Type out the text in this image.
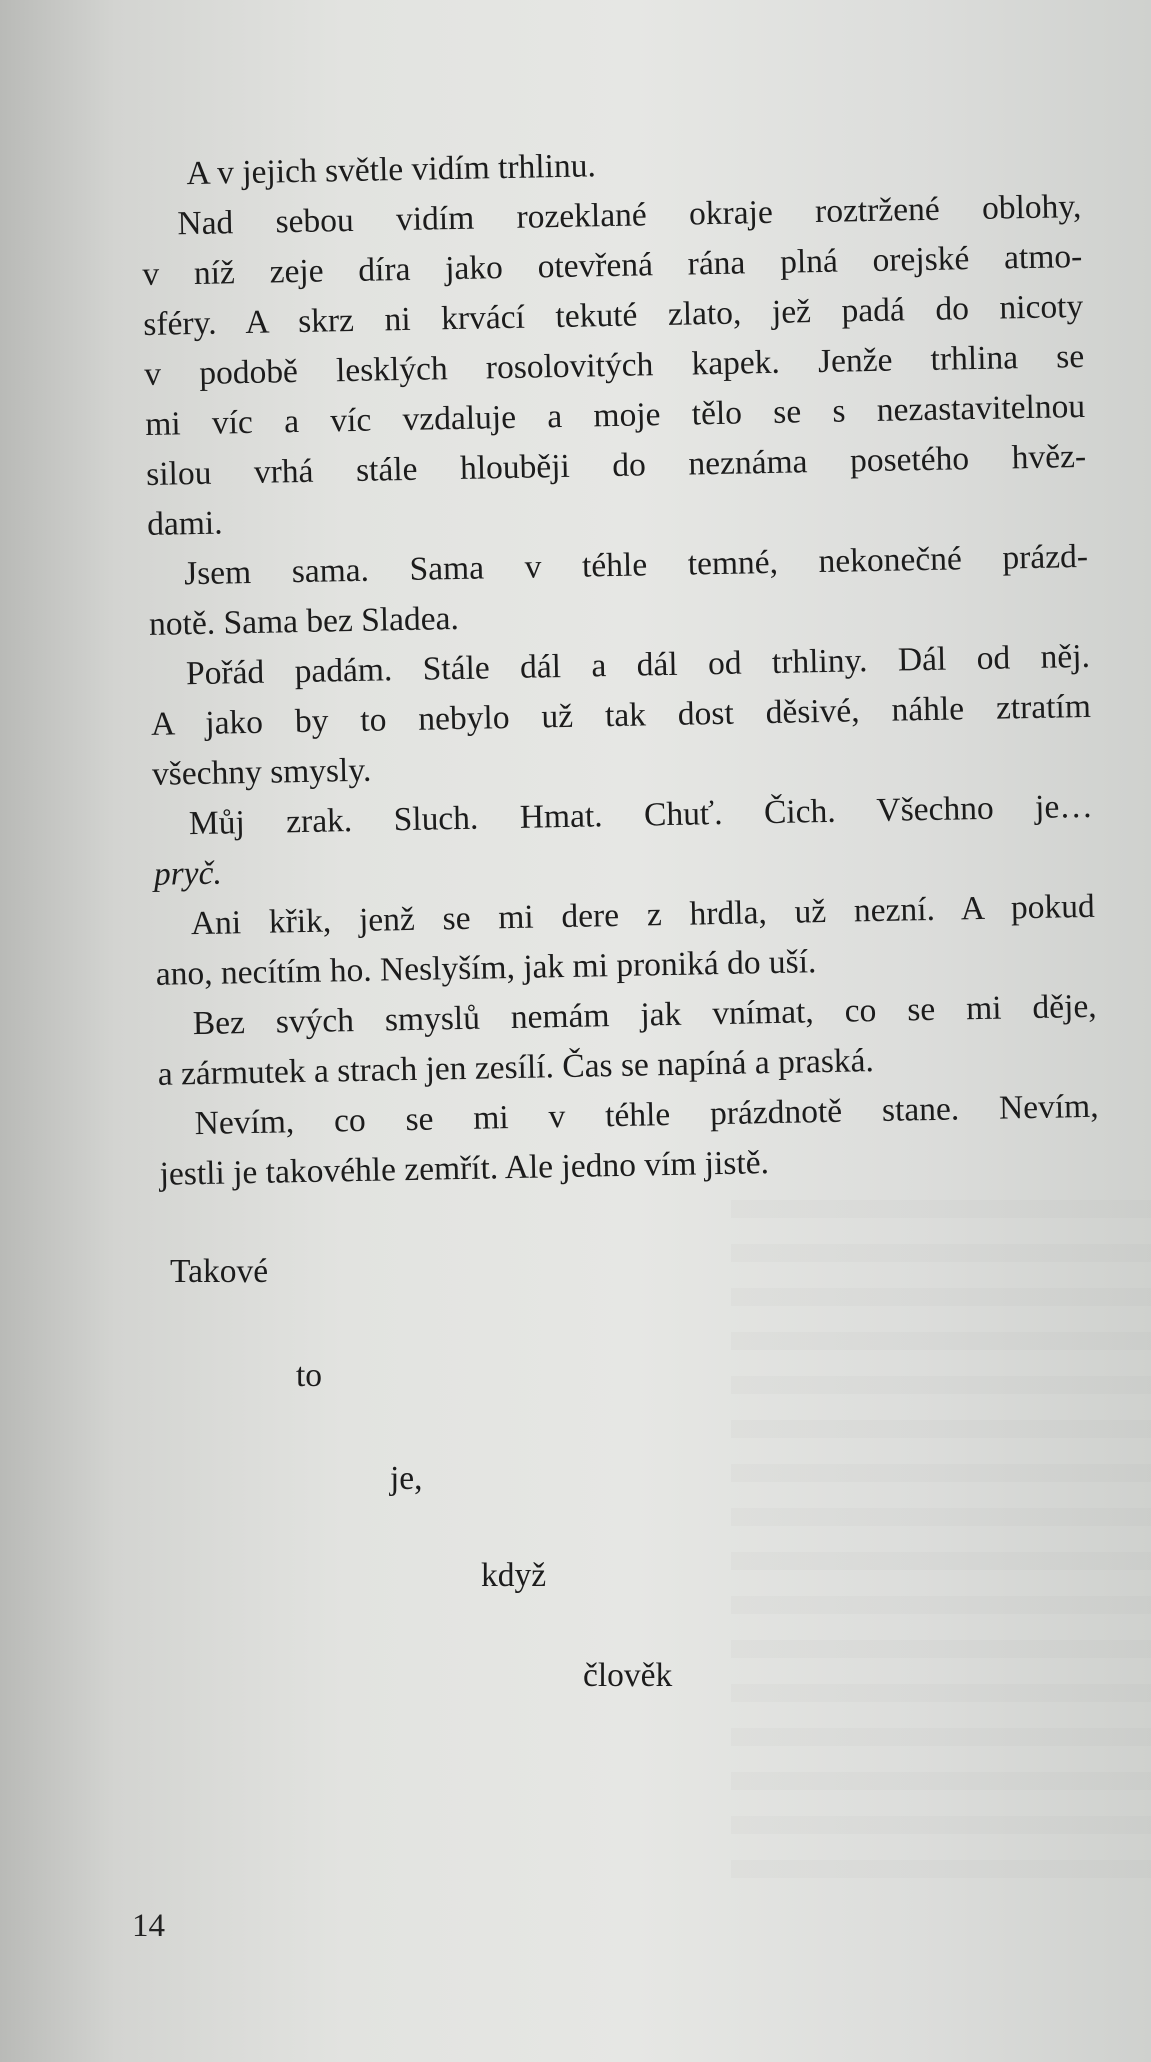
A v jejich světle vidím trhlinu.

Nad sebou vidím rozeklané okraje roztržené oblohy,
v níž zeje díra jako otevřená rána plná orejské atmo-
sféry. A skrz ni krvácí tekuté zlato, jež padá do nicoty
v podobě lesklých rosolovitých kapek. Jenže trhlina se
mi víc a víc vzdaluje a moje tělo se s nezastavitelnou
silou vrhá stále hlouběji do neznáma posetého hvěz-
dami.

Jsem sama. Sama v téhle temné, nekonečné prázd-
notě. Sama bez Sladea.

Pořád padám. Stále dál a dál od trhliny. Dál od něj.
A jako by to nebylo už tak dost děsivé, náhle ztratím
všechny smysly.

Můj zrak. Sluch. Hmat. Chuť. Čich. Všechno je…
pryč.

Ani křik, jenž se mi dere z hrdla, už nezní. A pokud
ano, necítím ho. Neslyším, jak mi proniká do uší.

Bez svých smyslů nemám jak vnímat, co se mi děje,
a zármutek a strach jen zesílí. Čas se napíná a praská.

Nevím, co se mi v téhle prázdnotě stane. Nevím,
jestli je takovéhle zemřít. Ale jedno vím jistě.

Takové
to
je,
když
člověk
14
